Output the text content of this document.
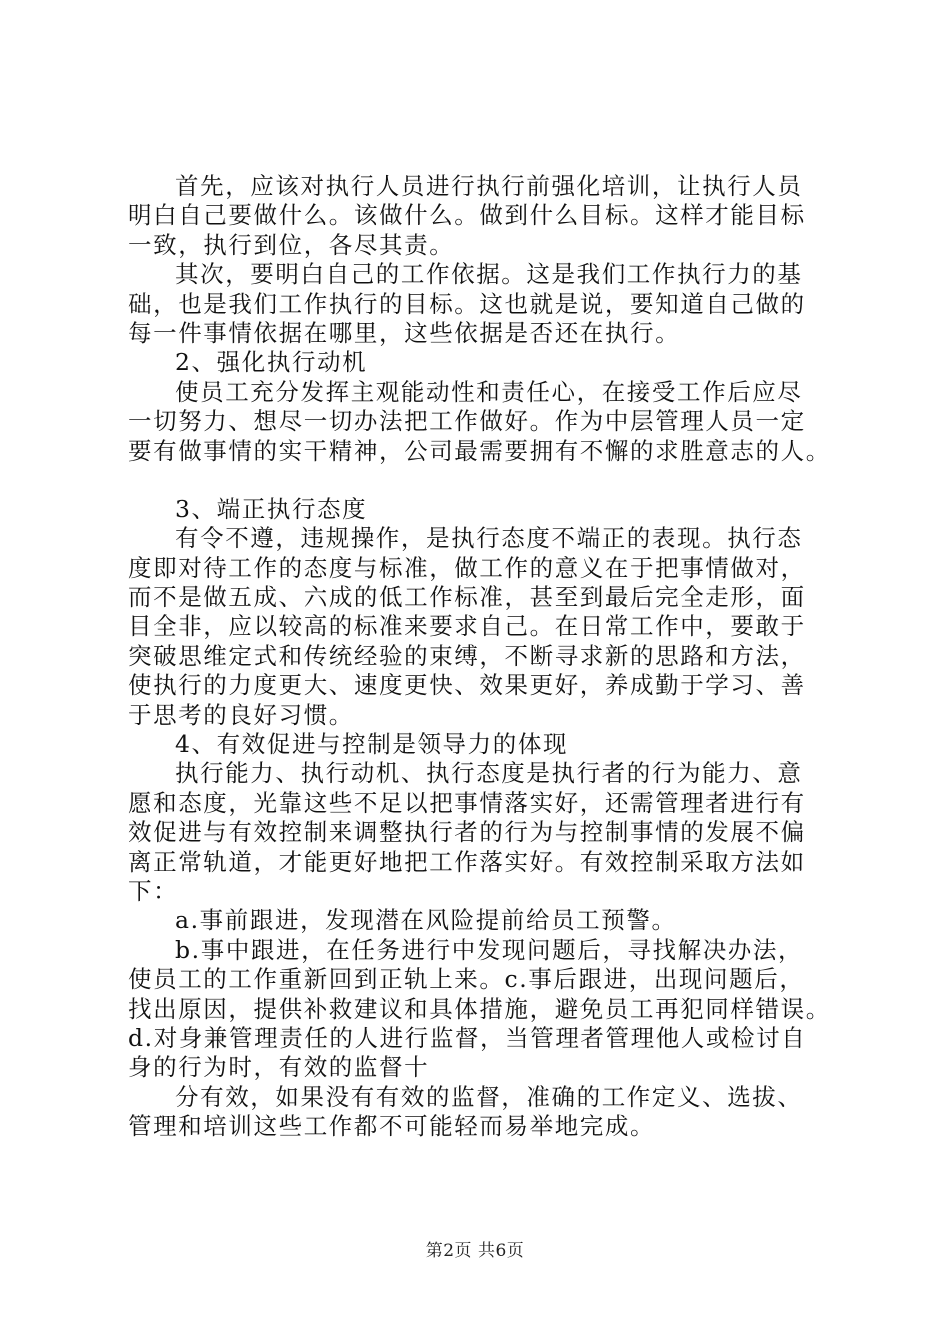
首先，应该对执行人员进行执行前强化培训，让执行人员
明白自己要做什么。该做什么。做到什么目标。这样才能目标
一致，执行到位，各尽其责。
其次，要明白自己的工作依据。这是我们工作执行力的基
础，也是我们工作执行的目标。这也就是说，要知道自己做的
每一件事情依据在哪里，这些依据是否还在执行。
2、强化执行动机
使员工充分发挥主观能动性和责任心，在接受工作后应尽
一切努力、想尽一切办法把工作做好。作为中层管理人员一定
要有做事情的实干精神，公司最需要拥有不懈的求胜意志的人。
3、端正执行态度
有令不遵，违规操作，是执行态度不端正的表现。执行态
度即对待工作的态度与标准，做工作的意义在于把事情做对，
而不是做五成、六成的低工作标准，甚至到最后完全走形，面
目全非，应以较高的标准来要求自己。在日常工作中，要敢于
突破思维定式和传统经验的束缚，不断寻求新的思路和方法，
使执行的力度更大、速度更快、效果更好，养成勤于学习、善
于思考的良好习惯。
4、有效促进与控制是领导力的体现
执行能力、执行动机、执行态度是执行者的行为能力、意
愿和态度，光靠这些不足以把事情落实好，还需管理者进行有
效促进与有效控制来调整执行者的行为与控制事情的发展不偏
离正常轨道，才能更好地把工作落实好。有效控制采取方法如
下：
a.事前跟进，发现潜在风险提前给员工预警。
b.事中跟进，在任务进行中发现问题后，寻找解决办法，
使员工的工作重新回到正轨上来。c.事后跟进，出现问题后，
找出原因，提供补救建议和具体措施，避免员工再犯同样错误。
d.对身兼管理责任的人进行监督，当管理者管理他人或检讨自
身的行为时，有效的监督十
分有效，如果没有有效的监督，准确的工作定义、选拔、
管理和培训这些工作都不可能轻而易举地完成。
第2页 共6页
